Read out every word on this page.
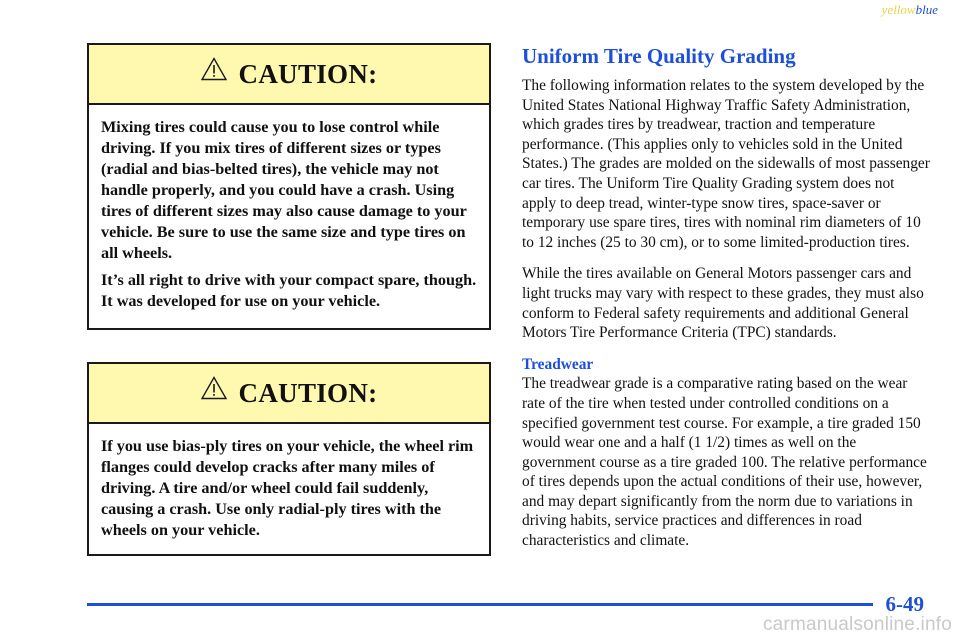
yellowblue
CAUTION:

Mixing tires could cause you to lose control while driving. If you mix tires of different sizes or types (radial and bias-belted tires), the vehicle may not handle properly, and you could have a crash. Using tires of different sizes may also cause damage to your vehicle. Be sure to use the same size and type tires on all wheels.

It’s all right to drive with your compact spare, though. It was developed for use on your vehicle.

CAUTION:

If you use bias-ply tires on your vehicle, the wheel rim flanges could develop cracks after many miles of driving. A tire and/or wheel could fail suddenly, causing a crash. Use only radial-ply tires with the wheels on your vehicle.

Uniform Tire Quality Grading

The following information relates to the system developed by the United States National Highway Traffic Safety Administration, which grades tires by treadwear, traction and temperature performance. (This applies only to vehicles sold in the United States.) The grades are molded on the sidewalls of most passenger car tires. The Uniform Tire Quality Grading system does not apply to deep tread, winter-type snow tires, space-saver or temporary use spare tires, tires with nominal rim diameters of 10 to 12 inches (25 to 30 cm), or to some limited-production tires.

While the tires available on General Motors passenger cars and light trucks may vary with respect to these grades, they must also conform to Federal safety requirements and additional General Motors Tire Performance Criteria (TPC) standards.

Treadwear

The treadwear grade is a comparative rating based on the wear rate of the tire when tested under controlled conditions on a specified government test course. For example, a tire graded 150 would wear one and a half (1 1/2) times as well on the government course as a tire graded 100. The relative performance of tires depends upon the actual conditions of their use, however, and may depart significantly from the norm due to variations in driving habits, service practices and differences in road characteristics and climate.

6-49
carmanualsonline.info
